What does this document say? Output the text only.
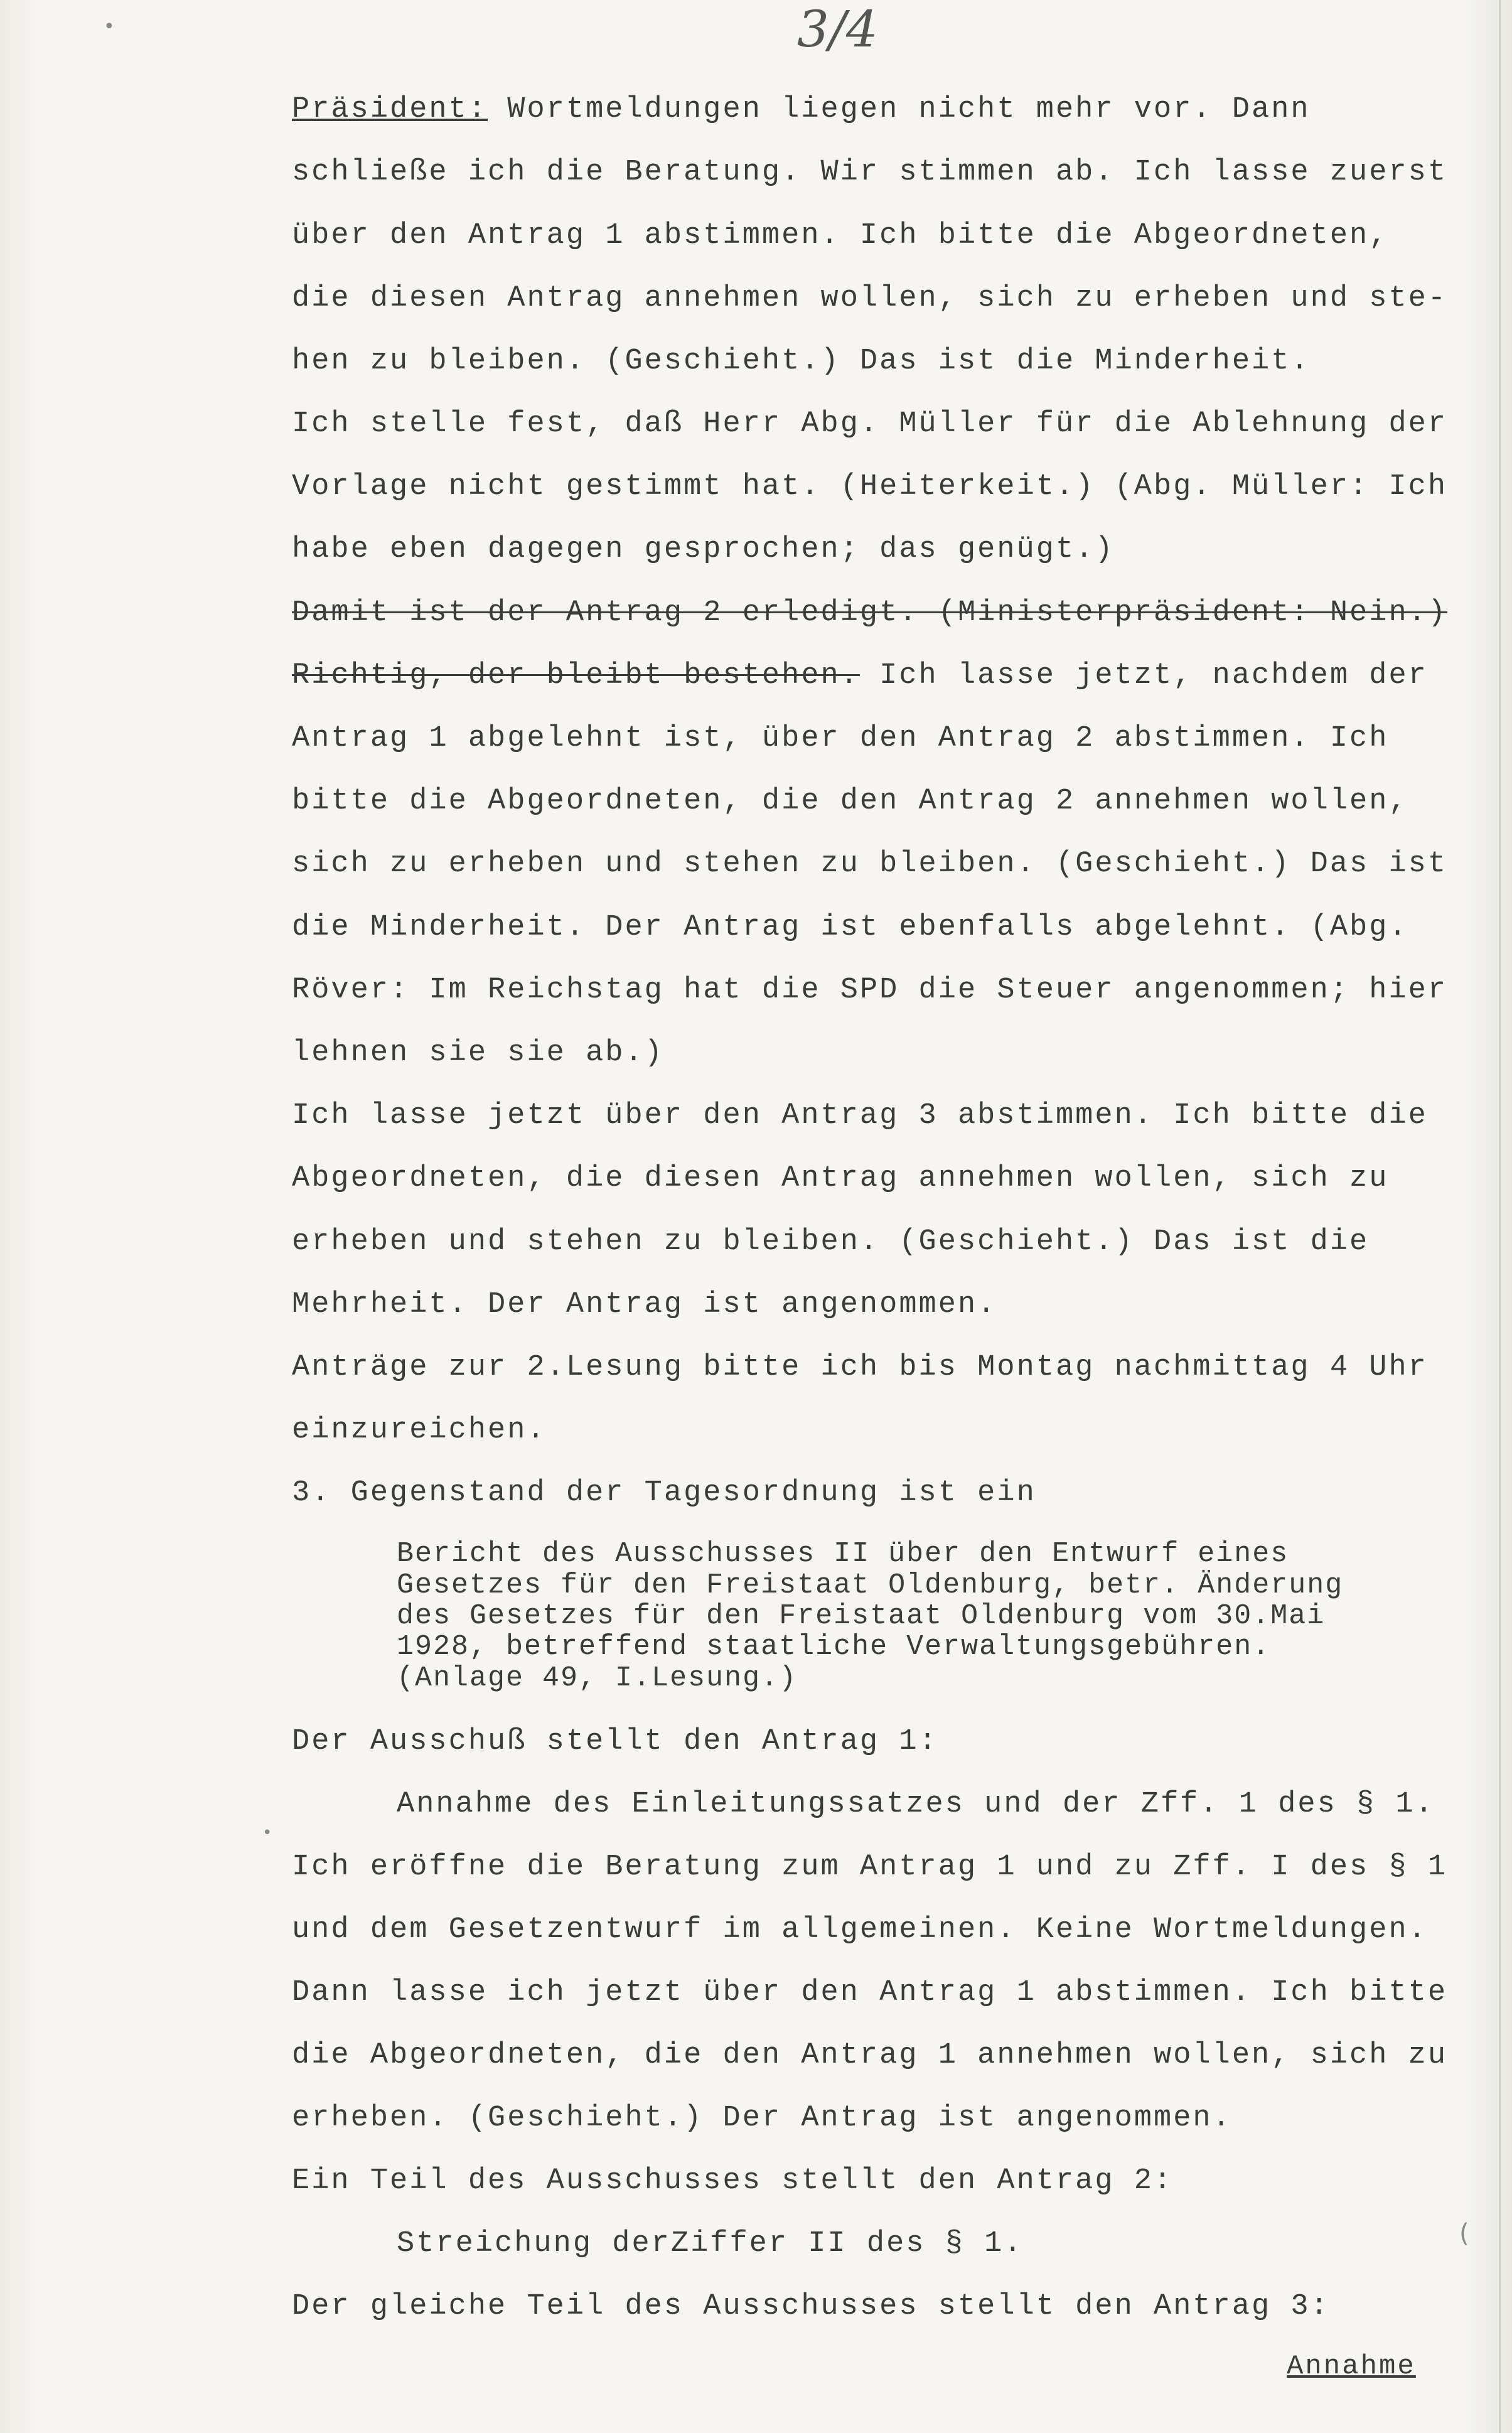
•
•
(
3/4

Präsident: Wortmeldungen liegen nicht mehr vor. Dann
schließe ich die Beratung. Wir stimmen ab. Ich lasse zuerst
über den Antrag 1 abstimmen. Ich bitte die Abgeordneten,
die diesen Antrag annehmen wollen, sich zu erheben und ste-
hen zu bleiben. (Geschieht.) Das ist die Minderheit.
Ich stelle fest, daß Herr Abg. Müller für die Ablehnung der
Vorlage nicht gestimmt hat. (Heiterkeit.) (Abg. Müller: Ich
habe eben dagegen gesprochen; das genügt.)
Damit ist der Antrag 2 erledigt. (Ministerpräsident: Nein.)
Richtig, der bleibt bestehen. Ich lasse jetzt, nachdem der
Antrag 1 abgelehnt ist, über den Antrag 2 abstimmen. Ich
bitte die Abgeordneten, die den Antrag 2 annehmen wollen,
sich zu erheben und stehen zu bleiben. (Geschieht.) Das ist
die Minderheit. Der Antrag ist ebenfalls abgelehnt. (Abg.
Röver: Im Reichstag hat die SPD die Steuer angenommen; hier
lehnen sie sie ab.)
Ich lasse jetzt über den Antrag 3 abstimmen. Ich bitte die
Abgeordneten, die diesen Antrag annehmen wollen, sich zu
erheben und stehen zu bleiben. (Geschieht.) Das ist die
Mehrheit. Der Antrag ist angenommen.
Anträge zur 2.Lesung bitte ich bis Montag nachmittag 4 Uhr
einzureichen.
3. Gegenstand der Tagesordnung ist ein
Bericht des Ausschusses II über den Entwurf eines
Gesetzes für den Freistaat Oldenburg, betr. Änderung
des Gesetzes für den Freistaat Oldenburg vom 30.Mai
1928, betreffend staatliche Verwaltungsgebühren.
(Anlage 49, I.Lesung.)
Der Ausschuß stellt den Antrag 1:
Annahme des Einleitungssatzes und der Zff. 1 des § 1.
Ich eröffne die Beratung zum Antrag 1 und zu Zff. I des § 1
und dem Gesetzentwurf im allgemeinen. Keine Wortmeldungen.
Dann lasse ich jetzt über den Antrag 1 abstimmen. Ich bitte
die Abgeordneten, die den Antrag 1 annehmen wollen, sich zu
erheben. (Geschieht.) Der Antrag ist angenommen.
Ein Teil des Ausschusses stellt den Antrag 2:
Streichung derZiffer II des § 1.
Der gleiche Teil des Ausschusses stellt den Antrag 3:
Annahme
